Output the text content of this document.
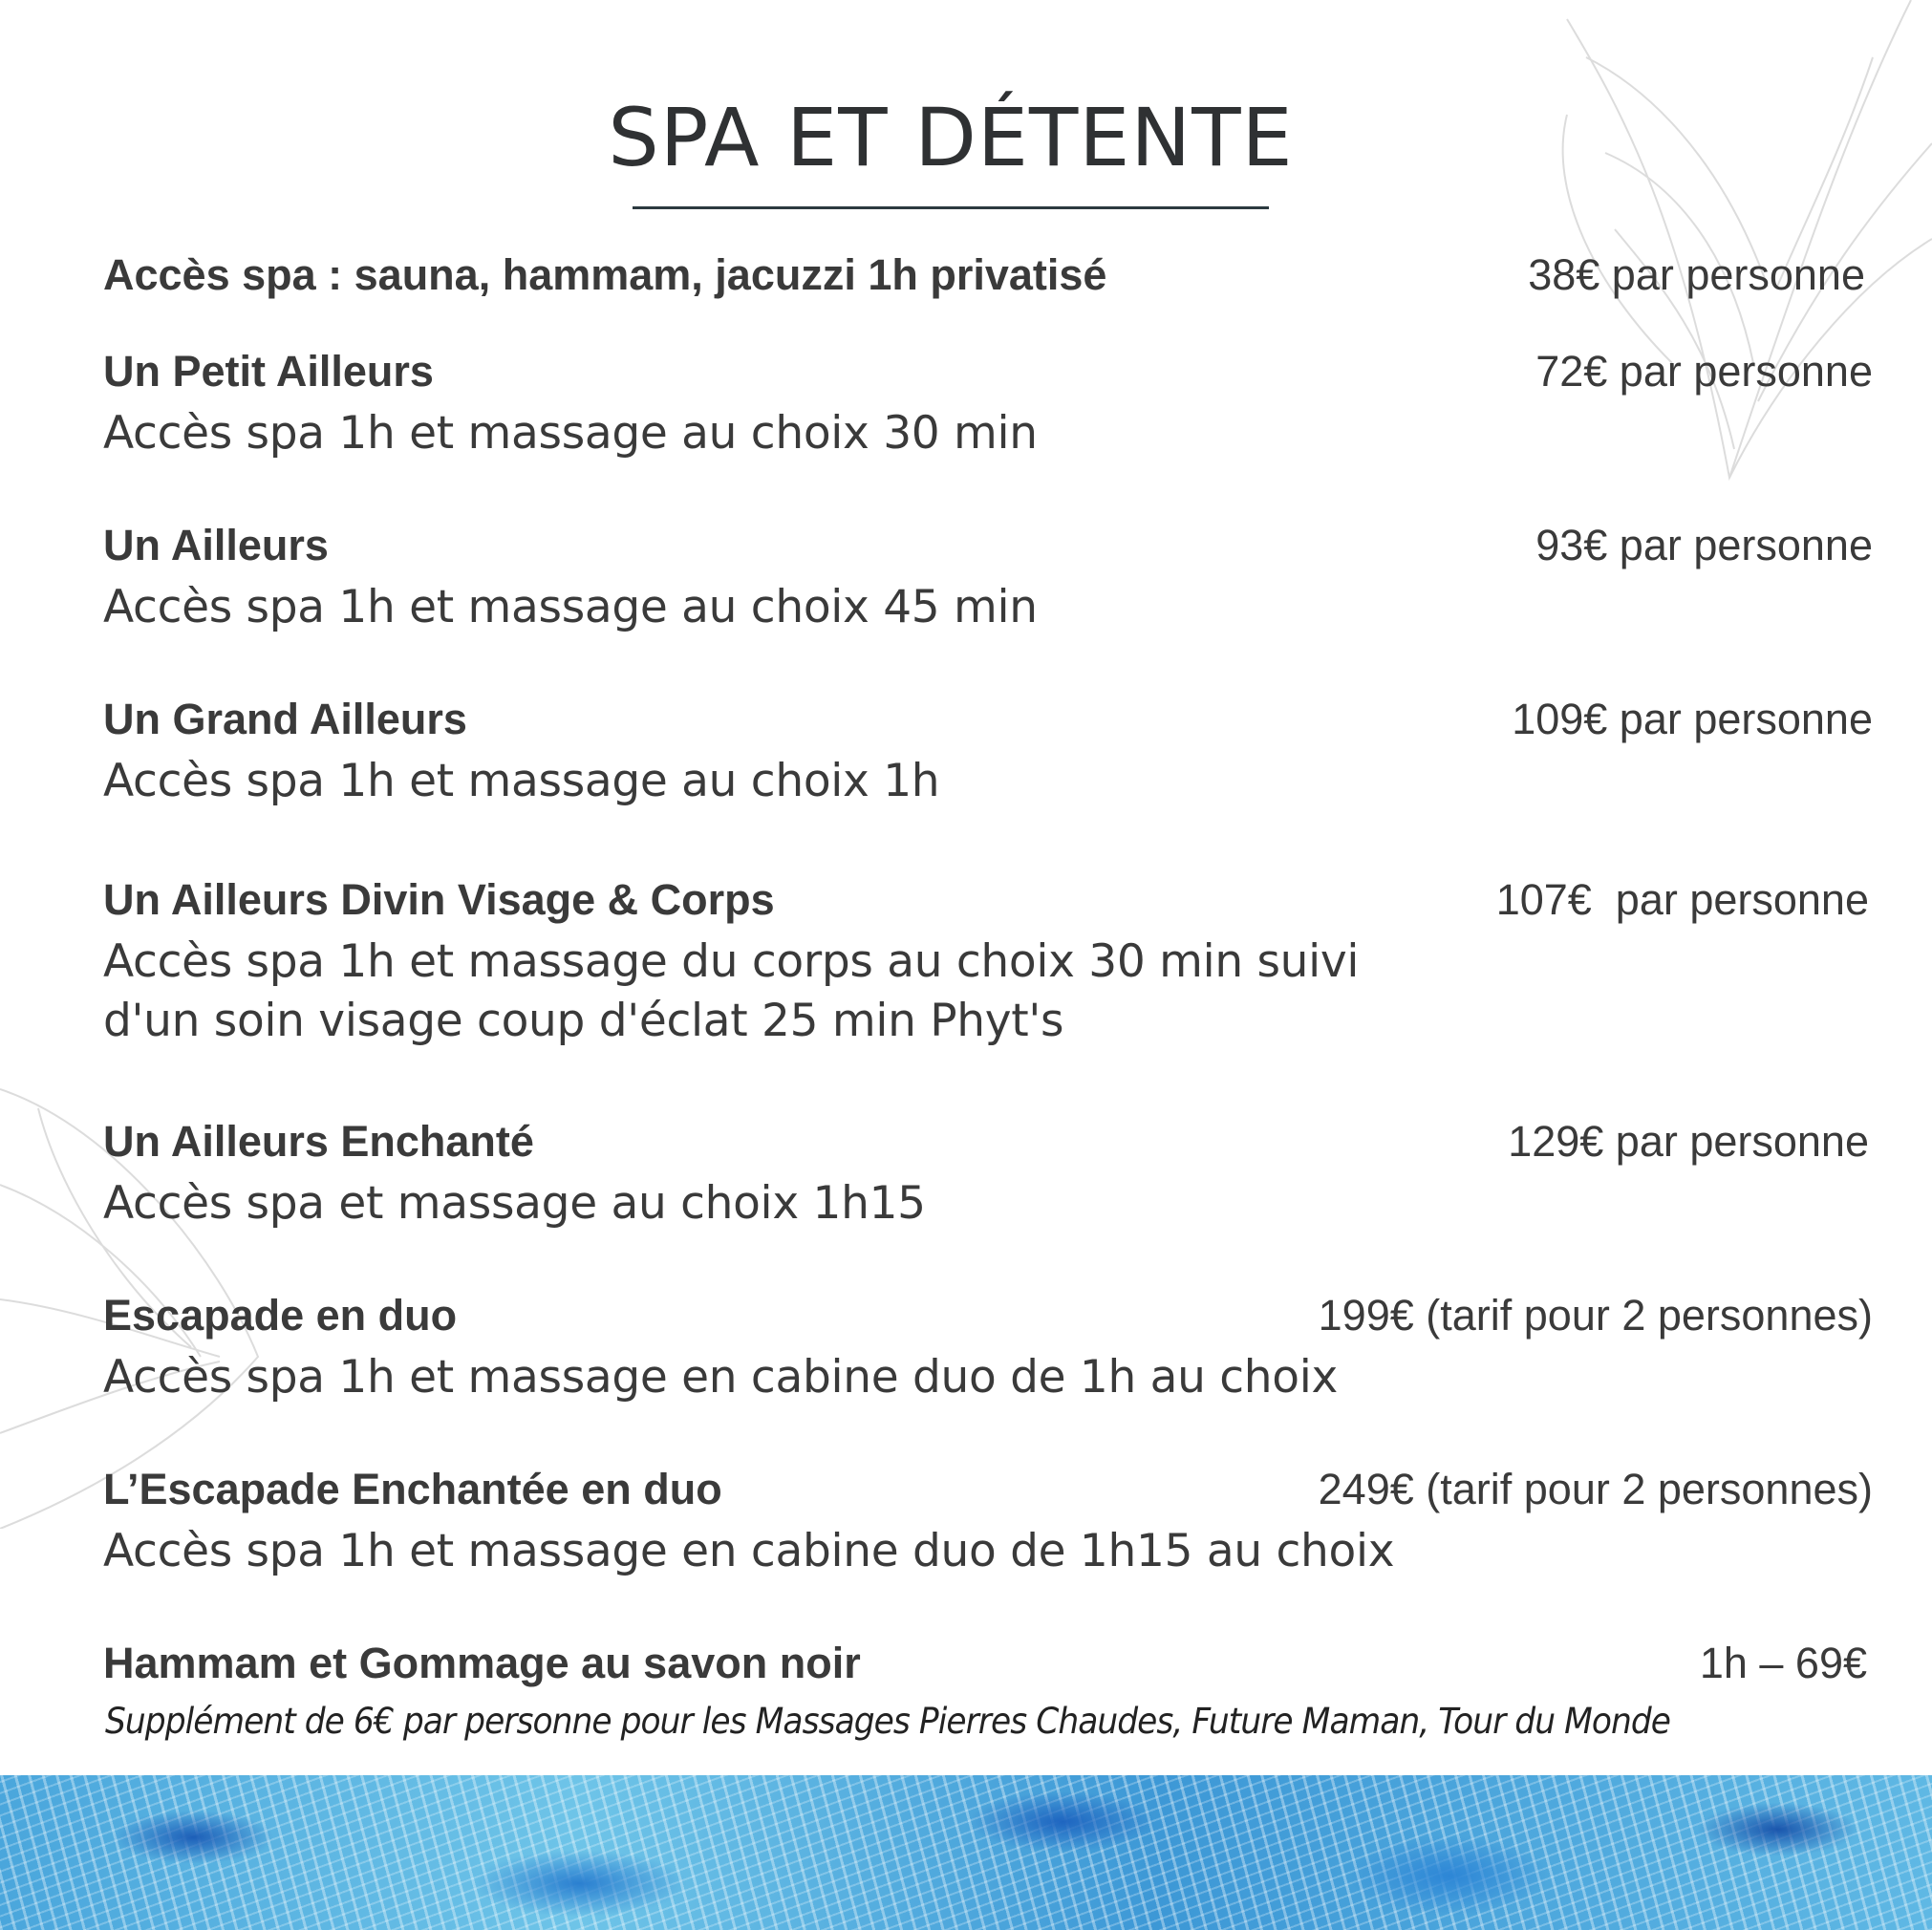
SPA ET DÉTENTE
Accès spa : sauna, hammam, jacuzzi 1h privatisé	38€ par personne
Un Petit Ailleurs	72€ par personne
Accès spa 1h et massage au choix 30 min
Un Ailleurs	93€ par personne
Accès spa 1h et massage au choix 45 min
Un Grand Ailleurs	109€ par personne
Accès spa 1h et massage au choix 1h
Un Ailleurs Divin Visage & Corps	107€  par personne
Accès spa 1h et massage du corps au choix 30 min suivi
d'un soin visage coup d'éclat 25 min Phyt's
Un Ailleurs Enchanté	129€ par personne
Accès spa et massage au choix 1h15
Escapade en duo	199€ (tarif pour 2 personnes)
Accès spa 1h et massage en cabine duo de 1h au choix
L’Escapade Enchantée en duo	249€ (tarif pour 2 personnes)
Accès spa 1h et massage en cabine duo de 1h15 au choix
Hammam et Gommage au savon noir	1h – 69€
Supplément de 6€ par personne pour les Massages Pierres Chaudes, Future Maman, Tour du Monde
